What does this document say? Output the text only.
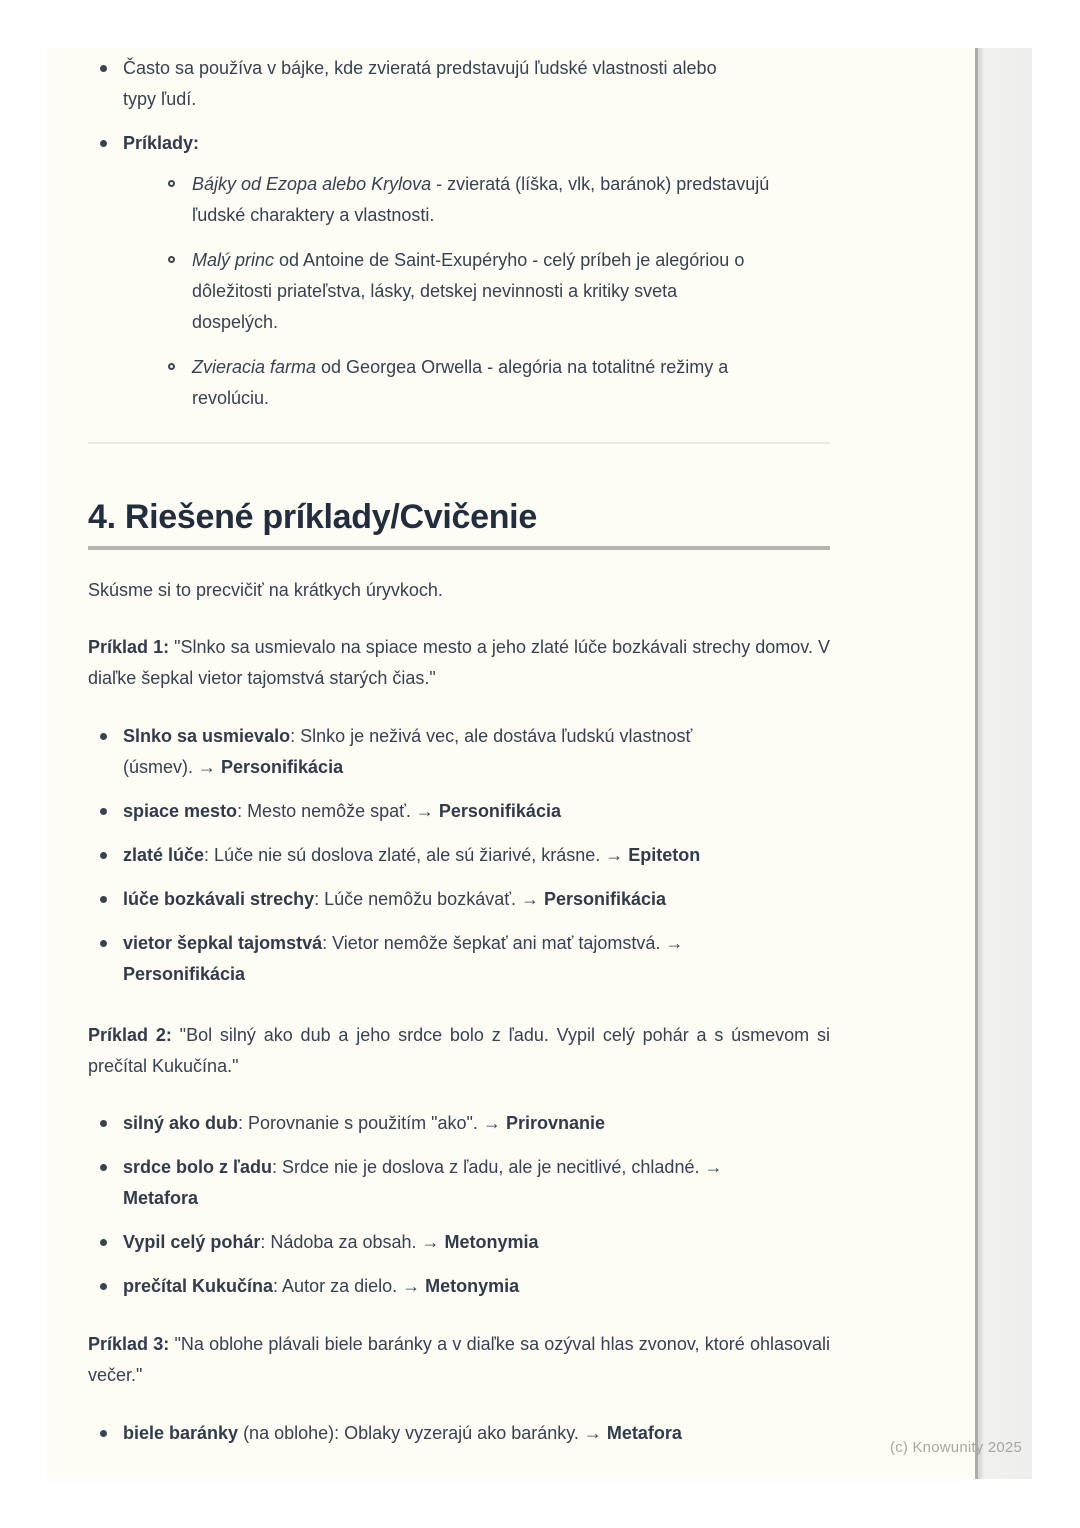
Často sa používa v bájke, kde zvieratá predstavujú ľudské vlastnosti alebo
typy ľudí.
Príklady:
Bájky od Ezopa alebo Krylova - zvieratá (líška, vlk, baránok) predstavujú
ľudské charaktery a vlastnosti.
Malý princ od Antoine de Saint-Exupéryho - celý príbeh je alegóriou o
dôležitosti priateľstva, lásky, detskej nevinnosti a kritiky sveta
dospelých.
Zvieracia farma od Georgea Orwella - alegória na totalitné režimy a
revolúciu.
4. Riešené príklady/Cvičenie

Skúsme si to precvičiť na krátkych úryvkoch.

Príklad 1: "Slnko sa usmievalo na spiace mesto a jeho zlaté lúče bozkávali strechy domov. V diaľke šepkal vietor tajomstvá starých čias."

Slnko sa usmievalo: Slnko je neživá vec, ale dostáva ľudskú vlastnosť
(úsmev). → Personifikácia
spiace mesto: Mesto nemôže spať. → Personifikácia
zlaté lúče: Lúče nie sú doslova zlaté, ale sú žiarivé, krásne. → Epiteton
lúče bozkávali strechy: Lúče nemôžu bozkávať. → Personifikácia
vietor šepkal tajomstvá: Vietor nemôže šepkať ani mať tajomstvá. →
Personifikácia

Príklad 2: "Bol silný ako dub a jeho srdce bolo z ľadu. Vypil celý pohár a s úsmevom si prečítal Kukučína."

silný ako dub: Porovnanie s použitím "ako". → Prirovnanie
srdce bolo z ľadu: Srdce nie je doslova z ľadu, ale je necitlivé, chladné. →
Metafora
Vypil celý pohár: Nádoba za obsah. → Metonymia
prečítal Kukučína: Autor za dielo. → Metonymia

Príklad 3: "Na oblohe plávali biele baránky a v diaľke sa ozýval hlas zvonov, ktoré ohlasovali večer."

biele baránky (na oblohe): Oblaky vyzerajú ako baránky. → Metafora
(c) Knowunity 2025
